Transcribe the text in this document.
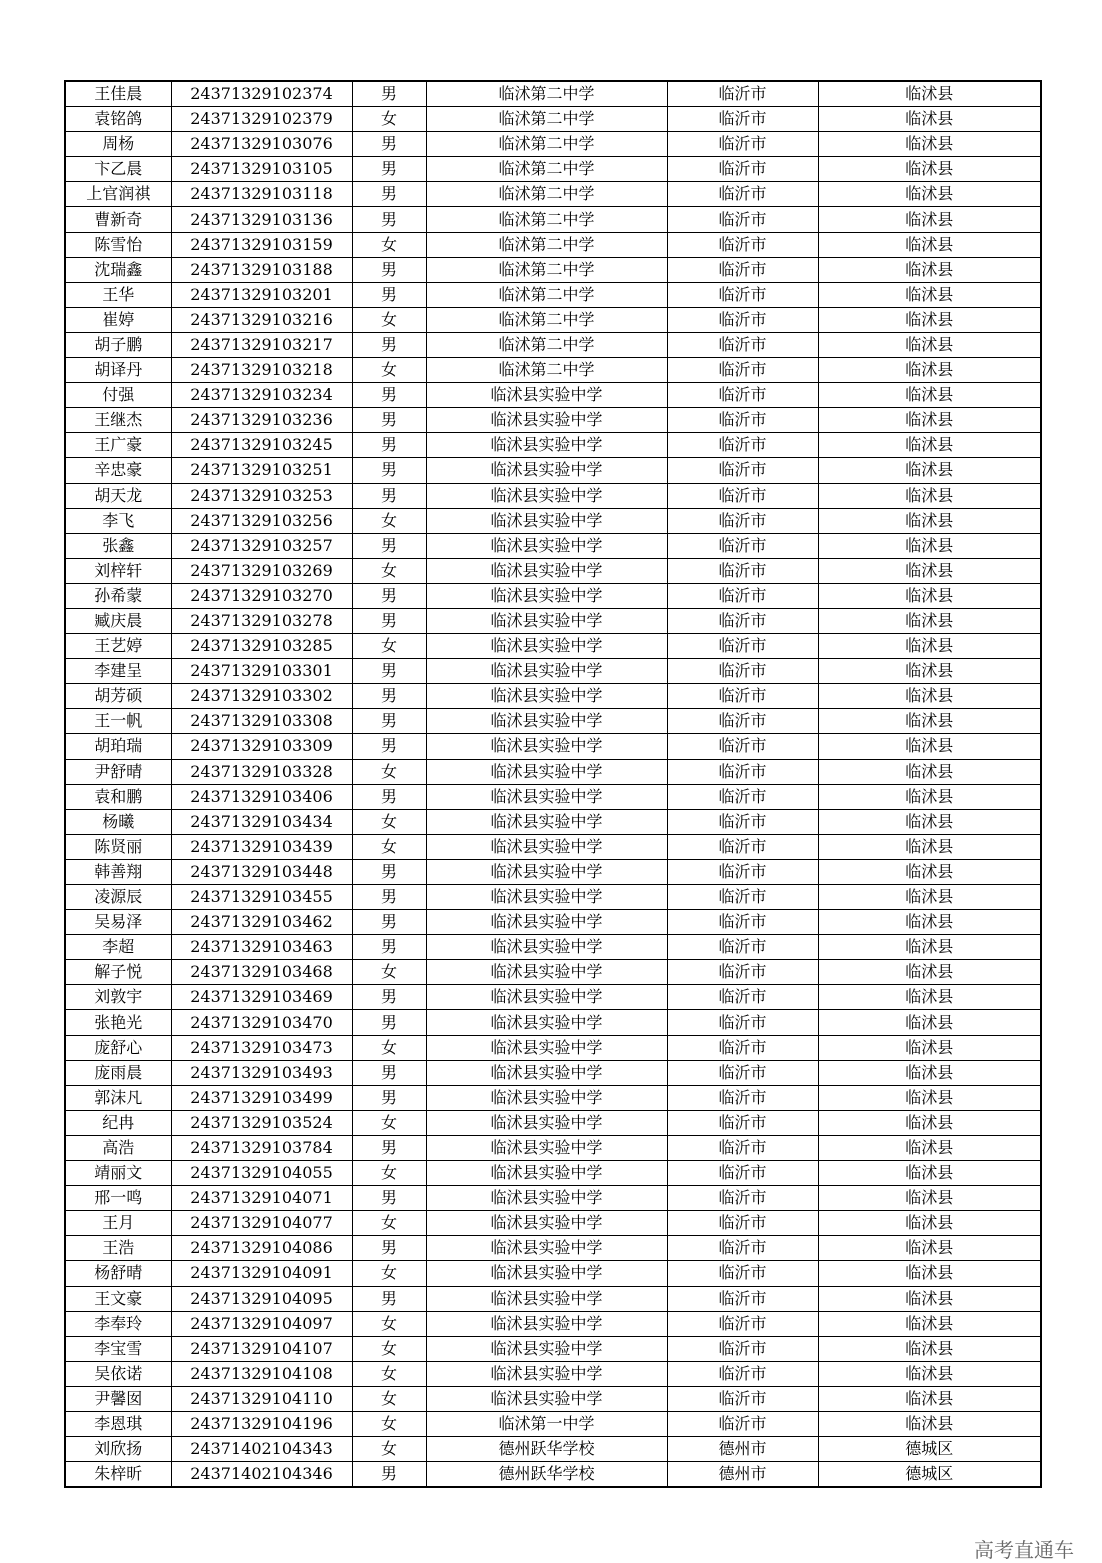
王佳晨	24371329102374	男	临沭第二中学	临沂市	临沭县
袁铭鸽	24371329102379	女	临沭第二中学	临沂市	临沭县
周杨	24371329103076	男	临沭第二中学	临沂市	临沭县
卞乙晨	24371329103105	男	临沭第二中学	临沂市	临沭县
上官润祺	24371329103118	男	临沭第二中学	临沂市	临沭县
曹新奇	24371329103136	男	临沭第二中学	临沂市	临沭县
陈雪怡	24371329103159	女	临沭第二中学	临沂市	临沭县
沈瑞鑫	24371329103188	男	临沭第二中学	临沂市	临沭县
王华	24371329103201	男	临沭第二中学	临沂市	临沭县
崔婷	24371329103216	女	临沭第二中学	临沂市	临沭县
胡子鹏	24371329103217	男	临沭第二中学	临沂市	临沭县
胡译丹	24371329103218	女	临沭第二中学	临沂市	临沭县
付强	24371329103234	男	临沭县实验中学	临沂市	临沭县
王继杰	24371329103236	男	临沭县实验中学	临沂市	临沭县
王广豪	24371329103245	男	临沭县实验中学	临沂市	临沭县
辛忠豪	24371329103251	男	临沭县实验中学	临沂市	临沭县
胡天龙	24371329103253	男	临沭县实验中学	临沂市	临沭县
李飞	24371329103256	女	临沭县实验中学	临沂市	临沭县
张鑫	24371329103257	男	临沭县实验中学	临沂市	临沭县
刘梓轩	24371329103269	女	临沭县实验中学	临沂市	临沭县
孙希蒙	24371329103270	男	临沭县实验中学	临沂市	临沭县
臧庆晨	24371329103278	男	临沭县实验中学	临沂市	临沭县
王艺婷	24371329103285	女	临沭县实验中学	临沂市	临沭县
李建呈	24371329103301	男	临沭县实验中学	临沂市	临沭县
胡芳硕	24371329103302	男	临沭县实验中学	临沂市	临沭县
王一帆	24371329103308	男	临沭县实验中学	临沂市	临沭县
胡珀瑞	24371329103309	男	临沭县实验中学	临沂市	临沭县
尹舒晴	24371329103328	女	临沭县实验中学	临沂市	临沭县
袁和鹏	24371329103406	男	临沭县实验中学	临沂市	临沭县
杨曦	24371329103434	女	临沭县实验中学	临沂市	临沭县
陈贤丽	24371329103439	女	临沭县实验中学	临沂市	临沭县
韩善翔	24371329103448	男	临沭县实验中学	临沂市	临沭县
凌源辰	24371329103455	男	临沭县实验中学	临沂市	临沭县
吴易泽	24371329103462	男	临沭县实验中学	临沂市	临沭县
李超	24371329103463	男	临沭县实验中学	临沂市	临沭县
解子悦	24371329103468	女	临沭县实验中学	临沂市	临沭县
刘敦宇	24371329103469	男	临沭县实验中学	临沂市	临沭县
张艳光	24371329103470	男	临沭县实验中学	临沂市	临沭县
庞舒心	24371329103473	女	临沭县实验中学	临沂市	临沭县
庞雨晨	24371329103493	男	临沭县实验中学	临沂市	临沭县
郭沫凡	24371329103499	男	临沭县实验中学	临沂市	临沭县
纪冉	24371329103524	女	临沭县实验中学	临沂市	临沭县
高浩	24371329103784	男	临沭县实验中学	临沂市	临沭县
靖丽文	24371329104055	女	临沭县实验中学	临沂市	临沭县
邢一鸣	24371329104071	男	临沭县实验中学	临沂市	临沭县
王月	24371329104077	女	临沭县实验中学	临沂市	临沭县
王浩	24371329104086	男	临沭县实验中学	临沂市	临沭县
杨舒晴	24371329104091	女	临沭县实验中学	临沂市	临沭县
王文豪	24371329104095	男	临沭县实验中学	临沂市	临沭县
李奉玲	24371329104097	女	临沭县实验中学	临沂市	临沭县
李宝雪	24371329104107	女	临沭县实验中学	临沂市	临沭县
吴依诺	24371329104108	女	临沭县实验中学	临沂市	临沭县
尹馨囡	24371329104110	女	临沭县实验中学	临沂市	临沭县
李恩琪	24371329104196	女	临沭第一中学	临沂市	临沭县
刘欣扬	24371402104343	女	德州跃华学校	德州市	德城区
朱梓昕	24371402104346	男	德州跃华学校	德州市	德城区
高考直通车
